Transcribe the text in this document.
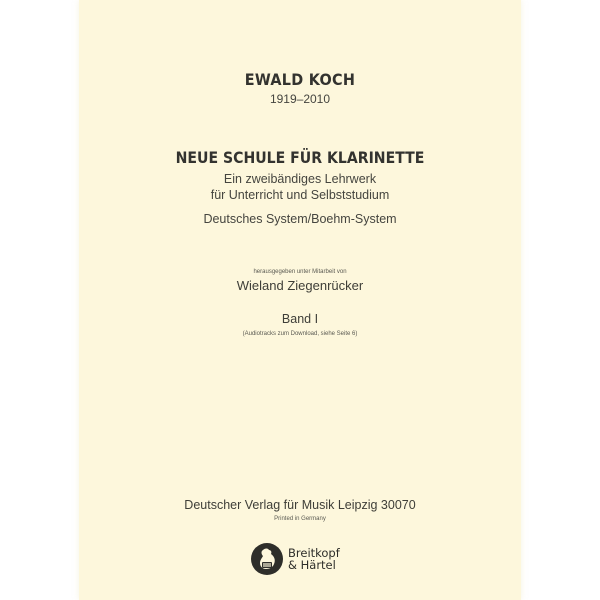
EWALD KOCH
1919–2010
NEUE SCHULE FÜR KLARINETTE
Ein zweibändiges Lehrwerk
für Unterricht und Selbststudium
Deutsches System/Boehm-System
herausgegeben unter Mitarbeit von
Wieland Ziegenrücker
Band I
(Audiotracks zum Download, siehe Seite 6)
Deutscher Verlag für Musik Leipzig 30070
Printed in Germany
Breitkopf
& Härtel
